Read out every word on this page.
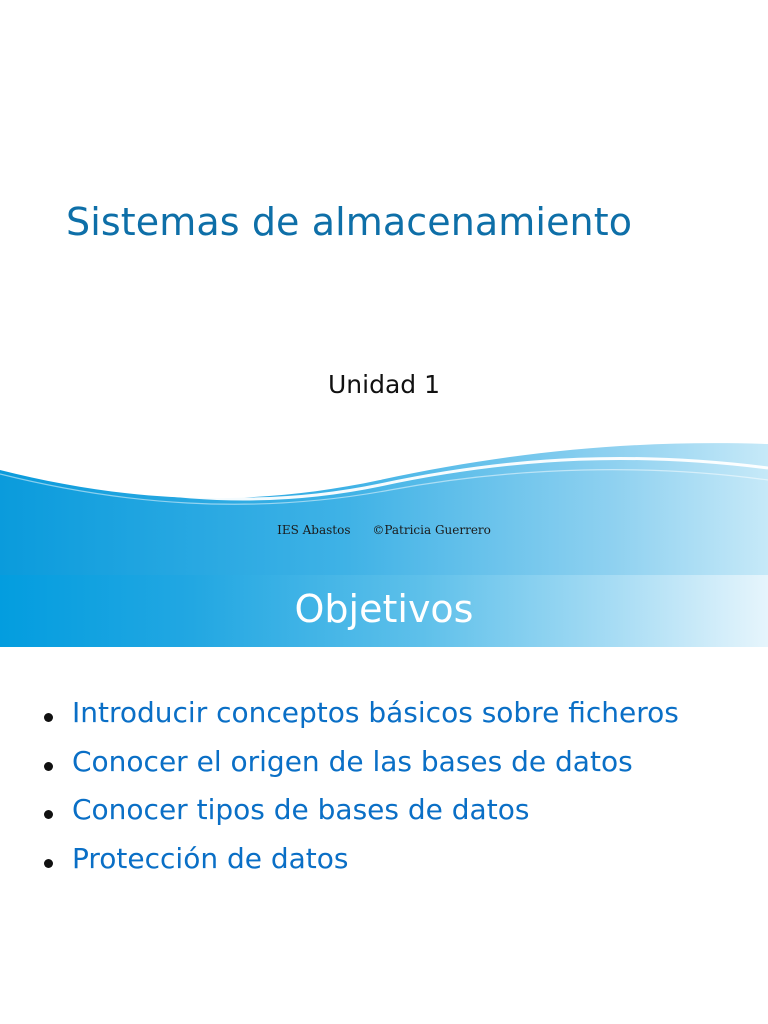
Sistemas de almacenamiento
Unidad 1
IES Abastos ©Patricia Guerrero
Objetivos
Introducir conceptos básicos sobre ficheros
Conocer el origen de las bases de datos
Conocer tipos de bases de datos
Protección de datos
